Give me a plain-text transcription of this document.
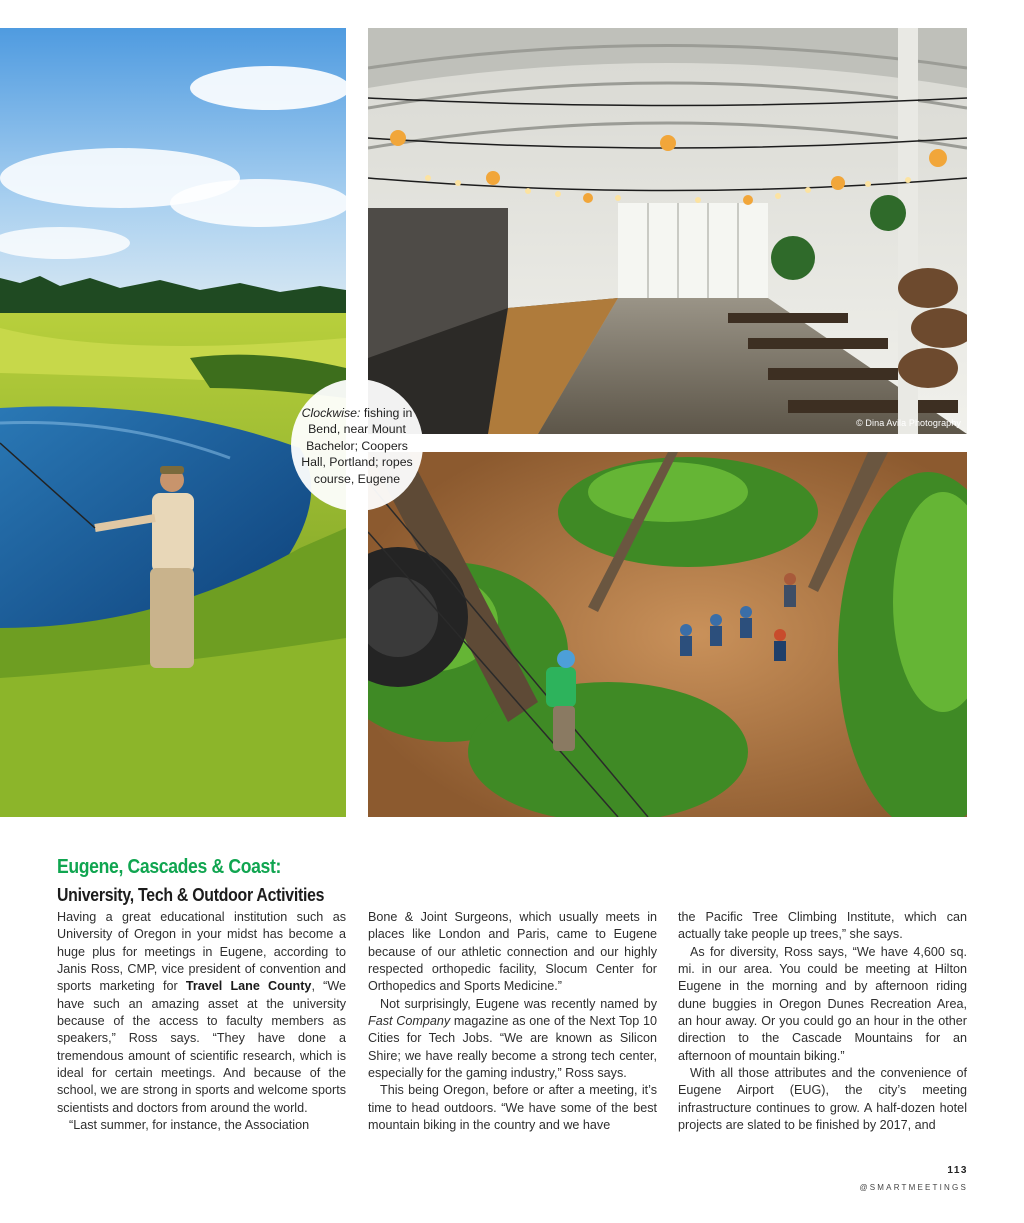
© Dina Avila Photography

Clockwise: fishing in Bend, near Mount Bachelor; Coopers Hall, Portland; ropes course, Eugene

Eugene, Cascades & Coast:
University, Tech & Outdoor Activities

Having a great educational institution such as University of Oregon in your midst has become a huge plus for meetings in Eugene, according to Janis Ross, CMP, vice president of convention and sports marketing for Travel Lane County, “We have such an amazing asset at the university because of the access to faculty members as speakers,” Ross says. “They have done a tremendous amount of scientific research, which is ideal for certain meetings. And because of the school, we are strong in sports and welcome sports scientists and doctors from around the world.

“Last summer, for instance, the Association

Bone & Joint Surgeons, which usually meets in places like London and Paris, came to Eugene because of our athletic connection and our highly respected orthopedic facility, Slocum Center for Orthopedics and Sports Medicine.”

Not surprisingly, Eugene was recently named by Fast Company magazine as one of the Next Top 10 Cities for Tech Jobs. “We are known as Silicon Shire; we have really become a strong tech center, especially for the gaming industry,” Ross says.

This being Oregon, before or after a meeting, it’s time to head outdoors. “We have some of the best mountain biking in the country and we have

the Pacific Tree Climbing Institute, which can actually take people up trees,” she says.

As for diversity, Ross says, “We have 4,600 sq. mi. in our area. You could be meeting at Hilton Eugene in the morning and by afternoon riding dune buggies in Oregon Dunes Recreation Area, an hour away. Or you could go an hour in the other direction to the Cascade Mountains for an afternoon of mountain biking.”

With all those attributes and the convenience of Eugene Airport (EUG), the city’s meeting infrastructure continues to grow. A half-dozen hotel projects are slated to be finished by 2017, and

113
@SMARTMEETINGS
